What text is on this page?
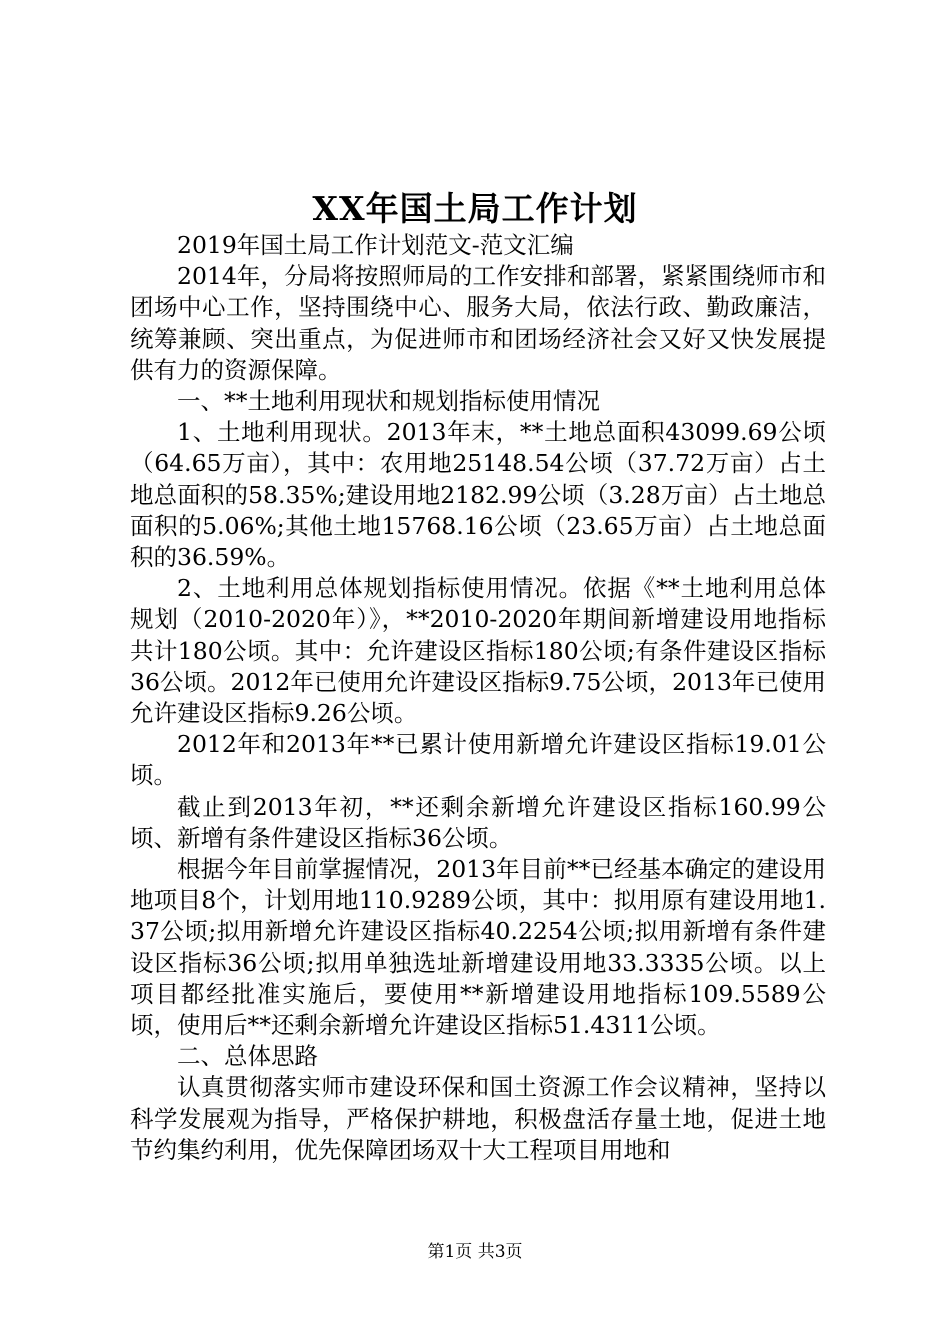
XX年国土局工作计划

2019年国土局工作计划范文-范文汇编

2014年，分局将按照师局的工作安排和部署，紧紧围绕师市和团场中心工作，坚持围绕中心、服务大局，依法行政、勤政廉洁，统筹兼顾、突出重点，为促进师市和团场经济社会又好又快发展提供有力的资源保障。

一、**土地利用现状和规划指标使用情况

1、土地利用现状。2013年末，**土地总面积43099.69公顷（64.65万亩），其中：农用地25148.54公顷（37.72万亩）占土地总面积的58.35%;建设用地2182.99公顷（3.28万亩）占土地总面积的5.06%;其他土地15768.16公顷（23.65万亩）占土地总面积的36.59%。

2、土地利用总体规划指标使用情况。依据《**土地利用总体规划（2010-2020年）》，**2010-2020年期间新增建设用地指标共计180公顷。其中：允许建设区指标180公顷;有条件建设区指标36公顷。2012年已使用允许建设区指标9.75公顷，2013年已使用允许建设区指标9.26公顷。

2012年和2013年**已累计使用新增允许建设区指标19.01公顷。

截止到2013年初，**还剩余新增允许建设区指标160.99公顷、新增有条件建设区指标36公顷。

根据今年目前掌握情况，2013年目前**已经基本确定的建设用地项目8个，计划用地110.9289公顷，其中：拟用原有建设用地1.37公顷;拟用新增允许建设区指标40.2254公顷;拟用新增有条件建设区指标36公顷;拟用单独选址新增建设用地33.3335公顷。以上项目都经批准实施后，要使用**新增建设用地指标109.5589公顷，使用后**还剩余新增允许建设区指标51.4311公顷。

二、总体思路

认真贯彻落实师市建设环保和国土资源工作会议精神，坚持以科学发展观为指导，严格保护耕地，积极盘活存量土地，促进土地节约集约利用，优先保障团场双十大工程项目用地和

第1页 共3页
